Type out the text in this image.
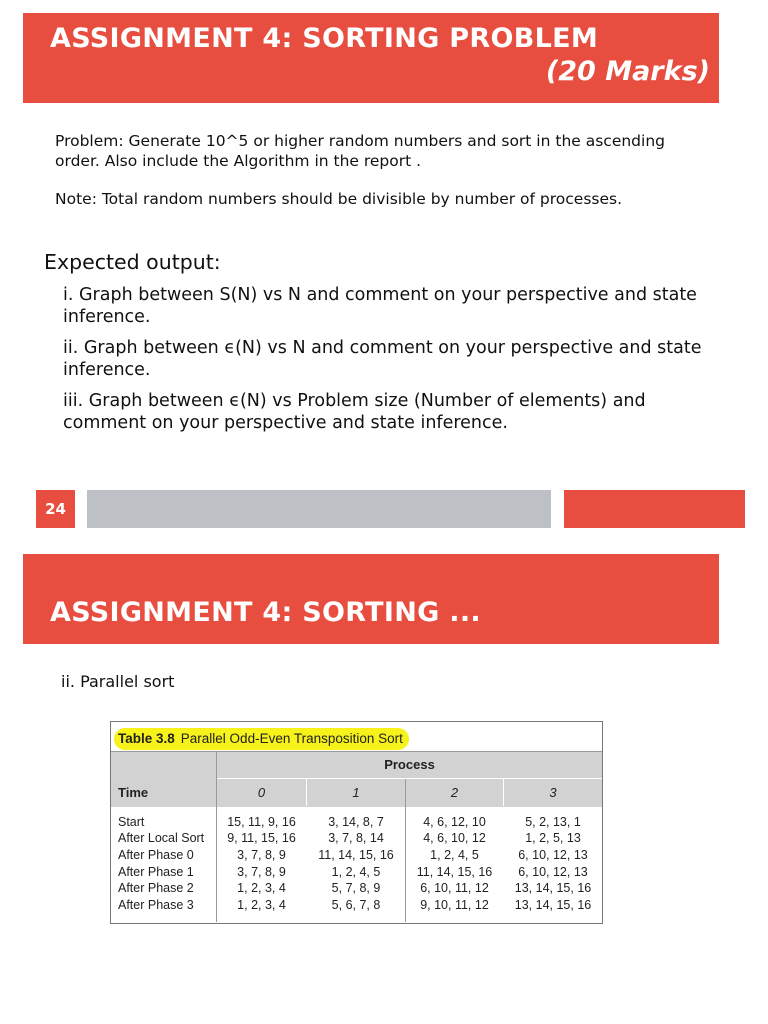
ASSIGNMENT 4: SORTING PROBLEM
(20 Marks)
Problem: Generate 10^5 or higher random numbers and sort in the ascending order. Also include the Algorithm in the report .
Note: Total random numbers should be divisible by number of processes.
Expected output:
i. Graph between S(N) vs N and comment on your perspective and state inference.
ii. Graph between ϵ(N) vs N and comment on your perspective and state inference.
iii. Graph between ϵ(N) vs Problem size (Number of elements) and comment on your perspective and state inference.
24
ASSIGNMENT 4: SORTING ...
ii. Parallel sort
Table 3.8 Parallel Odd-Even Transposition Sort
Process
Time	0	1	2	3
Start	15, 11, 9, 16	3, 14, 8, 7	4, 6, 12, 10	5, 2, 13, 1
After Local Sort	9, 11, 15, 16	3, 7, 8, 14	4, 6, 10, 12	1, 2, 5, 13
After Phase 0	3, 7, 8, 9	11, 14, 15, 16	1, 2, 4, 5	6, 10, 12, 13
After Phase 1	3, 7, 8, 9	1, 2, 4, 5	11, 14, 15, 16	6, 10, 12, 13
After Phase 2	1, 2, 3, 4	5, 7, 8, 9	6, 10, 11, 12	13, 14, 15, 16
After Phase 3	1, 2, 3, 4	5, 6, 7, 8	9, 10, 11, 12	13, 14, 15, 16
